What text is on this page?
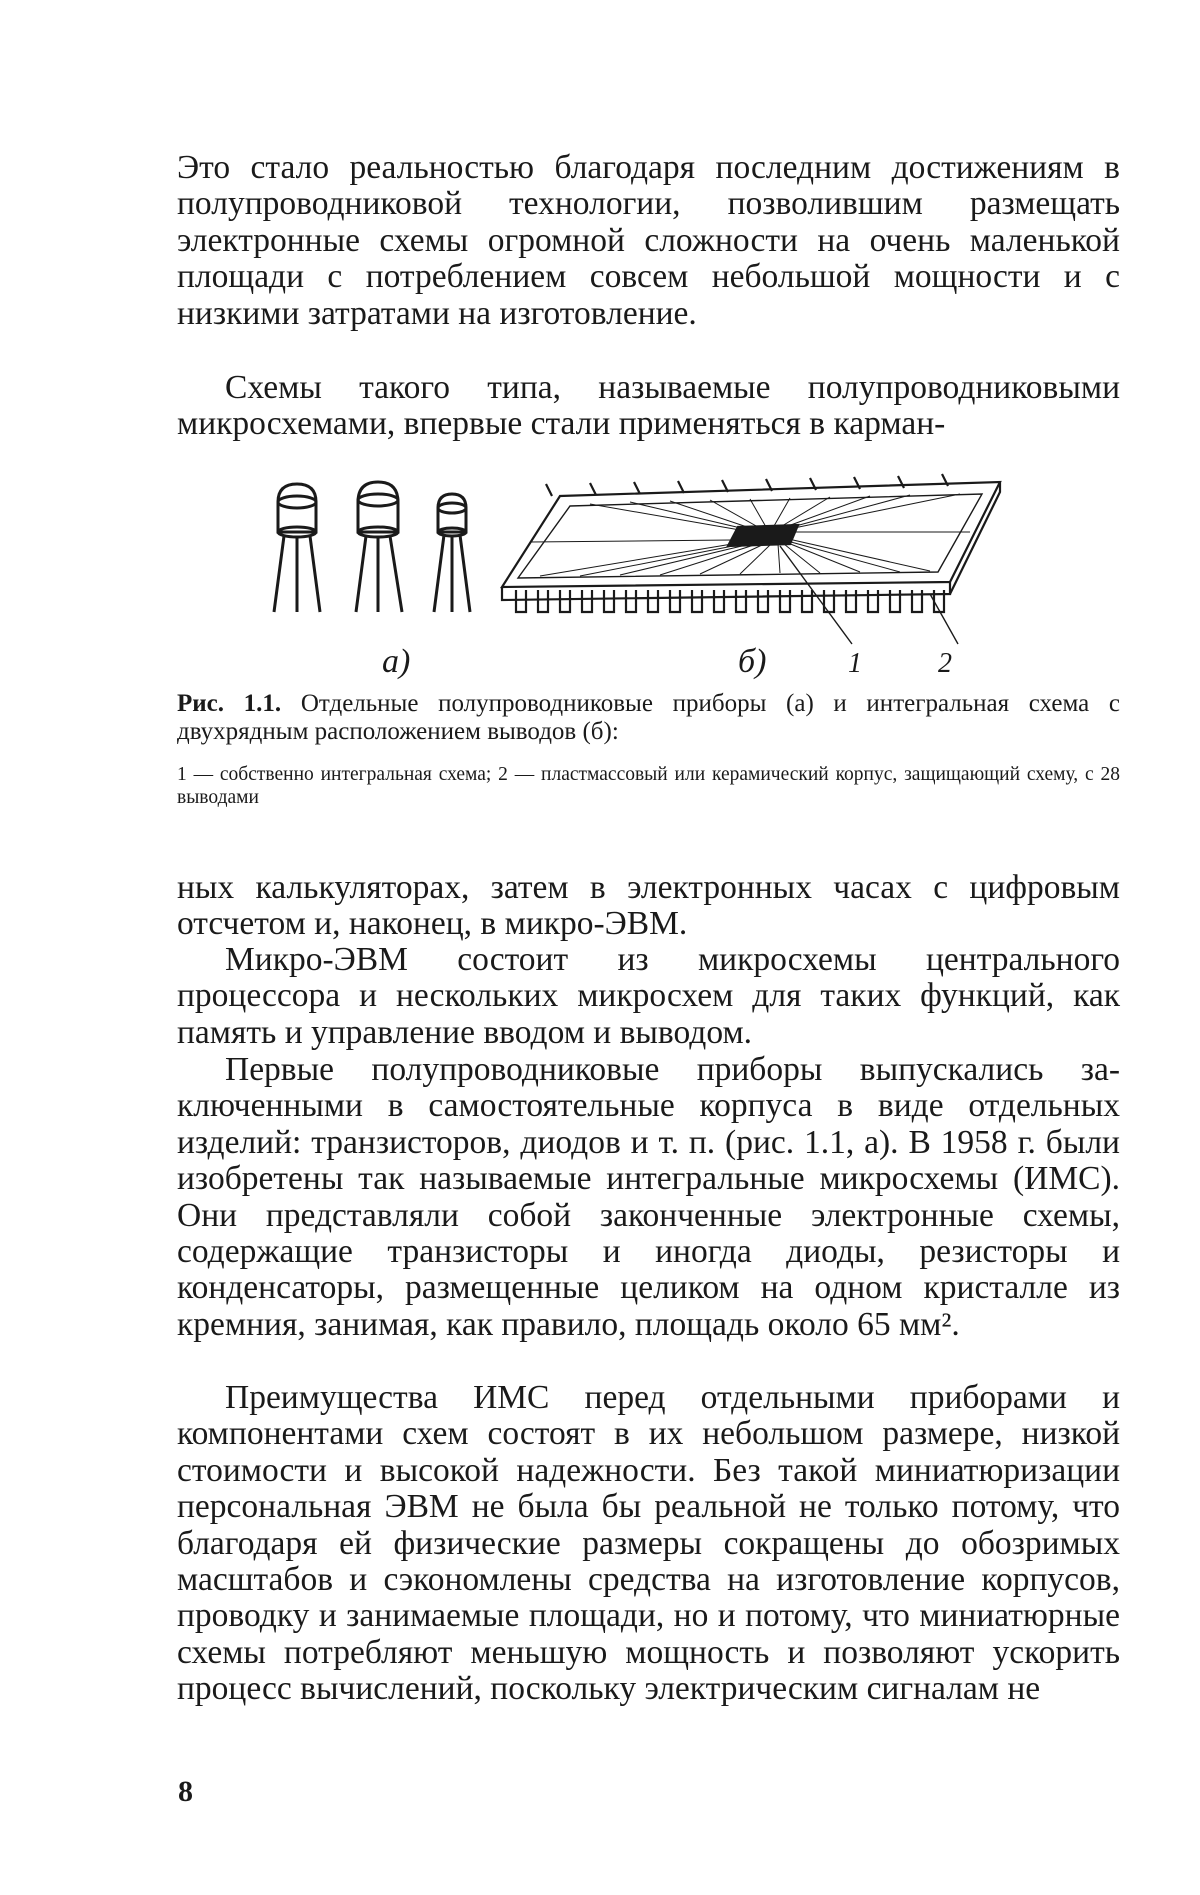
Это стало реальностью благодаря последним достижениям в полупроводниковой технологии, позволившим размещать электронные схемы огромной сложности на очень маленькой площади с потреблением совсем небольшой мощности и с низкими затратами на изготовление.

Схемы такого типа, называемые полупроводниковыми микросхемами, впервые стали применяться в карман-

а)	б)	1	2

Рис. 1.1. Отдельные полупроводниковые приборы (а) и интегральная схема с двухрядным расположением выводов (б):

1 — собственно интегральная схема; 2 — пластмассовый или керамический корпус, защищающий схему, с 28 выводами

ных калькуляторах, затем в электронных часах с цифровым отсчетом и, наконец, в микро-ЭВМ.

Микро-ЭВМ состоит из микросхемы центрального процессора и нескольких микросхем для таких функций, как память и управление вводом и выводом.

Первые полупроводниковые приборы выпускались заключенными в самостоятельные корпуса в виде отдельных изделий: транзисторов, диодов и т. п. (рис. 1.1, а). В 1958 г. были изобретены так называемые интегральные микросхемы (ИМС). Они представляли собой законченные электронные схемы, содержащие транзисторы и иногда диоды, резисторы и конденсаторы, размещенные целиком на одном кристалле из кремния, занимая, как правило, площадь около 65 мм².

Преимущества ИМС перед отдельными приборами и компонентами схем состоят в их небольшом размере, низкой стоимости и высокой надежности. Без такой миниатюризации персональная ЭВМ не была бы реальной не только потому, что благодаря ей физические размеры сокращены до обозримых масштабов и сэкономлены средства на изготовление корпусов, проводку и занимаемые площади, но и потому, что миниатюрные схемы потребляют меньшую мощность и позволяют ускорить процесс вычислений, поскольку электрическим сигналам не

8
